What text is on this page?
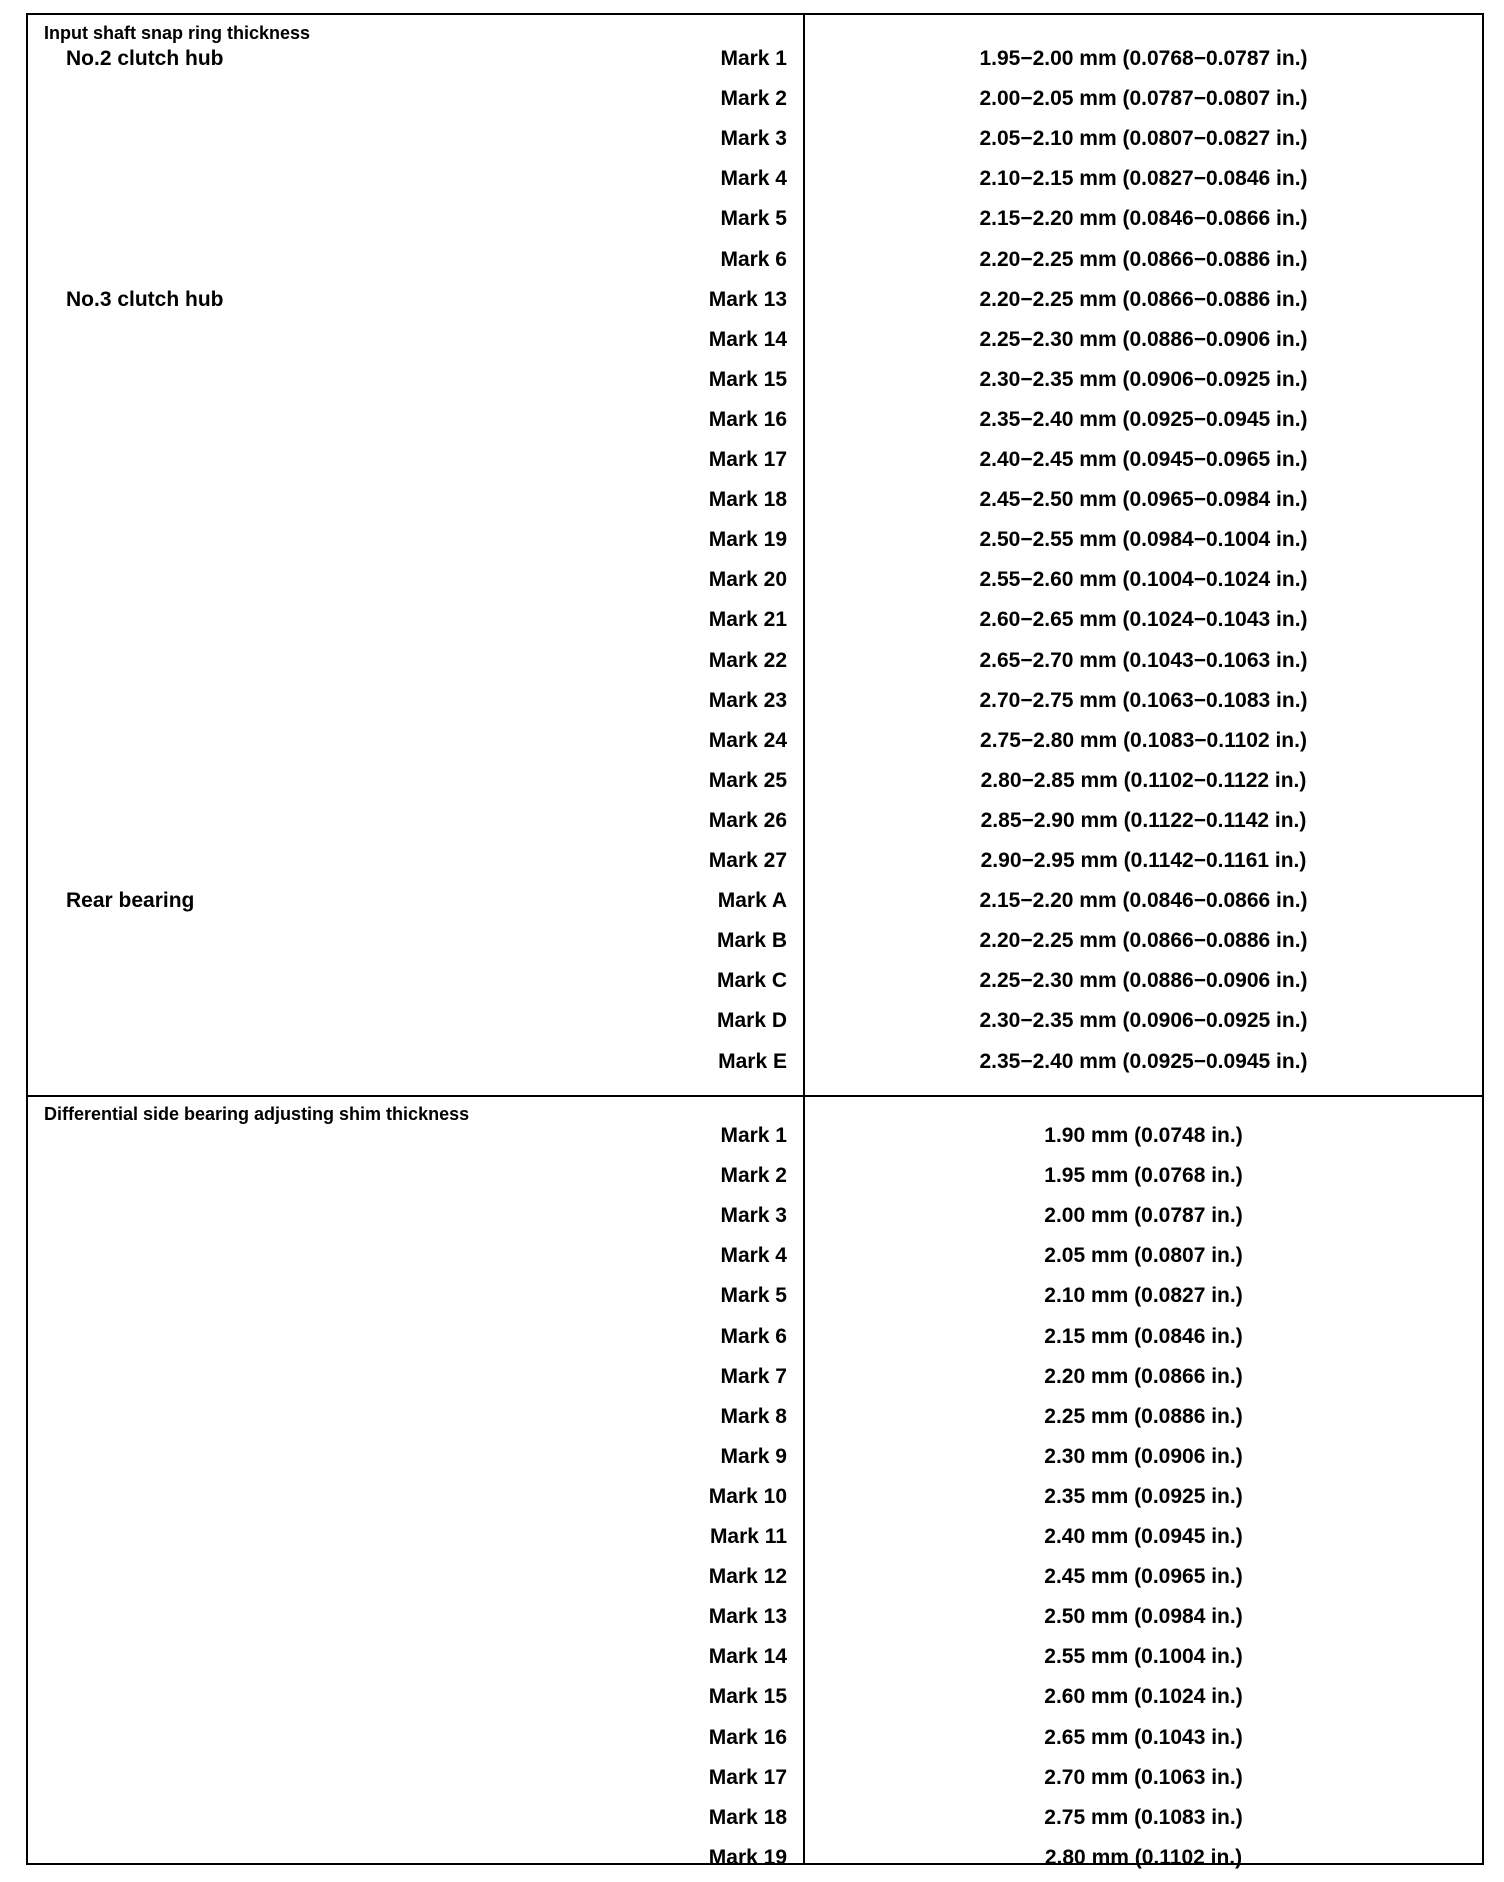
Input shaft snap ring thickness
No.2 clutch hub	Mark 1	1.95−2.00 mm (0.0768−0.0787 in.)
Mark 2	2.00−2.05 mm (0.0787−0.0807 in.)
Mark 3	2.05−2.10 mm (0.0807−0.0827 in.)
Mark 4	2.10−2.15 mm (0.0827−0.0846 in.)
Mark 5	2.15−2.20 mm (0.0846−0.0866 in.)
Mark 6	2.20−2.25 mm (0.0866−0.0886 in.)
No.3 clutch hub	Mark 13	2.20−2.25 mm (0.0866−0.0886 in.)
Mark 14	2.25−2.30 mm (0.0886−0.0906 in.)
Mark 15	2.30−2.35 mm (0.0906−0.0925 in.)
Mark 16	2.35−2.40 mm (0.0925−0.0945 in.)
Mark 17	2.40−2.45 mm (0.0945−0.0965 in.)
Mark 18	2.45−2.50 mm (0.0965−0.0984 in.)
Mark 19	2.50−2.55 mm (0.0984−0.1004 in.)
Mark 20	2.55−2.60 mm (0.1004−0.1024 in.)
Mark 21	2.60−2.65 mm (0.1024−0.1043 in.)
Mark 22	2.65−2.70 mm (0.1043−0.1063 in.)
Mark 23	2.70−2.75 mm (0.1063−0.1083 in.)
Mark 24	2.75−2.80 mm (0.1083−0.1102 in.)
Mark 25	2.80−2.85 mm (0.1102−0.1122 in.)
Mark 26	2.85−2.90 mm (0.1122−0.1142 in.)
Mark 27	2.90−2.95 mm (0.1142−0.1161 in.)
Rear bearing	Mark A	2.15−2.20 mm (0.0846−0.0866 in.)
Mark B	2.20−2.25 mm (0.0866−0.0886 in.)
Mark C	2.25−2.30 mm (0.0886−0.0906 in.)
Mark D	2.30−2.35 mm (0.0906−0.0925 in.)
Mark E	2.35−2.40 mm (0.0925−0.0945 in.)
Differential side bearing adjusting shim thickness
Mark 1	1.90 mm (0.0748 in.)
Mark 2	1.95 mm (0.0768 in.)
Mark 3	2.00 mm (0.0787 in.)
Mark 4	2.05 mm (0.0807 in.)
Mark 5	2.10 mm (0.0827 in.)
Mark 6	2.15 mm (0.0846 in.)
Mark 7	2.20 mm (0.0866 in.)
Mark 8	2.25 mm (0.0886 in.)
Mark 9	2.30 mm (0.0906 in.)
Mark 10	2.35 mm (0.0925 in.)
Mark 11	2.40 mm (0.0945 in.)
Mark 12	2.45 mm (0.0965 in.)
Mark 13	2.50 mm (0.0984 in.)
Mark 14	2.55 mm (0.1004 in.)
Mark 15	2.60 mm (0.1024 in.)
Mark 16	2.65 mm (0.1043 in.)
Mark 17	2.70 mm (0.1063 in.)
Mark 18	2.75 mm (0.1083 in.)
Mark 19	2.80 mm (0.1102 in.)
